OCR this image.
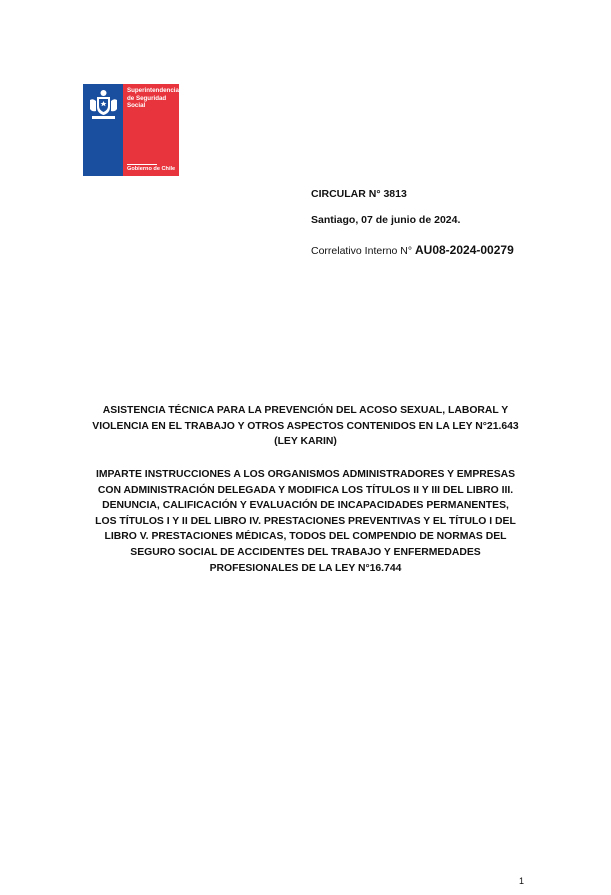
Superintendencia de Seguridad Social
Gobierno de Chile
CIRCULAR N° 3813
Santiago, 07 de junio de 2024.
Correlativo Interno N° AU08-2024-00279
ASISTENCIA TÉCNICA PARA LA PREVENCIÓN DEL ACOSO SEXUAL, LABORAL Y
VIOLENCIA EN EL TRABAJO Y OTROS ASPECTOS CONTENIDOS EN LA LEY N°21.643
(LEY KARIN)
IMPARTE INSTRUCCIONES A LOS ORGANISMOS ADMINISTRADORES Y EMPRESAS
CON ADMINISTRACIÓN DELEGADA Y MODIFICA LOS TÍTULOS II Y III DEL LIBRO III.
DENUNCIA, CALIFICACIÓN Y EVALUACIÓN DE INCAPACIDADES PERMANENTES,
LOS TÍTULOS I Y II DEL LIBRO IV. PRESTACIONES PREVENTIVAS Y EL TÍTULO I DEL
LIBRO V. PRESTACIONES MÉDICAS, TODOS DEL COMPENDIO DE NORMAS DEL
SEGURO SOCIAL DE ACCIDENTES DEL TRABAJO Y ENFERMEDADES
PROFESIONALES DE LA LEY N°16.744
1
